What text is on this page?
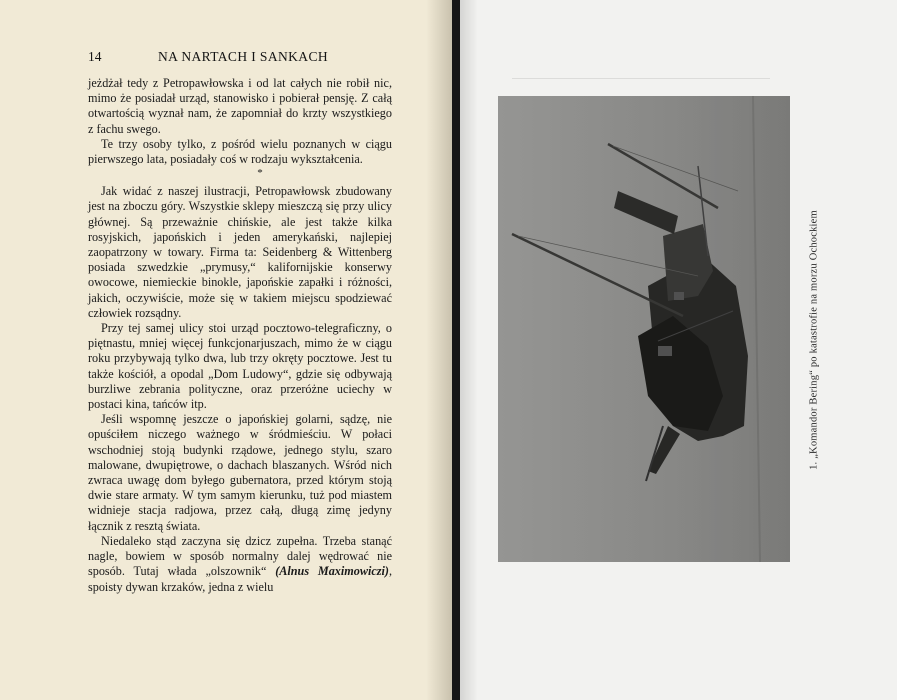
14	NA NARTACH I SANKACH

jeżdżał tedy z Petropawłowska i od lat całych nie robił nic, mimo że posiadał urząd, stanowisko i pobierał pensję. Z całą otwartością wyznał nam, że zapomniał do krzty wszystkiego z fachu swego.

Te trzy osoby tylko, z pośród wielu poznanych w ciągu pierwszego lata, posiadały coś w rodzaju wykształcenia.

*

Jak widać z naszej ilustracji, Petropawłowsk zbudowany jest na zboczu góry. Wszystkie sklepy mieszczą się przy ulicy głównej. Są przeważnie chińskie, ale jest także kilka rosyjskich, japońskich i jeden amerykański, najlepiej zaopatrzony w towary. Firma ta: Seidenberg & Wittenberg posiada szwedzkie „prymusy,“ kalifornijskie konserwy owocowe, niemieckie binokle, japońskie zapałki i różności, jakich, oczywiście, może się w takiem miejscu spodziewać człowiek rozsądny.

Przy tej samej ulicy stoi urząd pocztowo-telegraficzny, o piętnastu, mniej więcej funkcjonarjuszach, mimo że w ciągu roku przybywają tylko dwa, lub trzy okręty pocztowe. Jest tu także kościół, a opodal „Dom Ludowy“, gdzie się odbywają burzliwe zebrania polityczne, oraz przeróżne uciechy w postaci kina, tańców itp.

Jeśli wspomnę jeszcze o japońskiej golarni, sądzę, nie opuściłem niczego ważnego w śródmieściu. W połaci wschodniej stoją budynki rządowe, jednego stylu, szaro malowane, dwupiętrowe, o dachach blaszanych. Wśród nich zwraca uwagę dom byłego gubernatora, przed którym stoją dwie stare armaty. W tym samym kierunku, tuż pod miastem widnieje stacja radjowa, przez całą, długą zimę jedyny łącznik z resztą świata.

Niedaleko stąd zaczyna się dzicz zupełna. Trzeba stanąć nagle, bowiem w sposób normalny dalej wędrować nie sposób. Tutaj włada „olszownik“ (Alnus Maximowiczi), spoisty dywan krzaków, jedna z wielu

1. „Komandor Bering“ po katastrofie na morzu Ochockiem
